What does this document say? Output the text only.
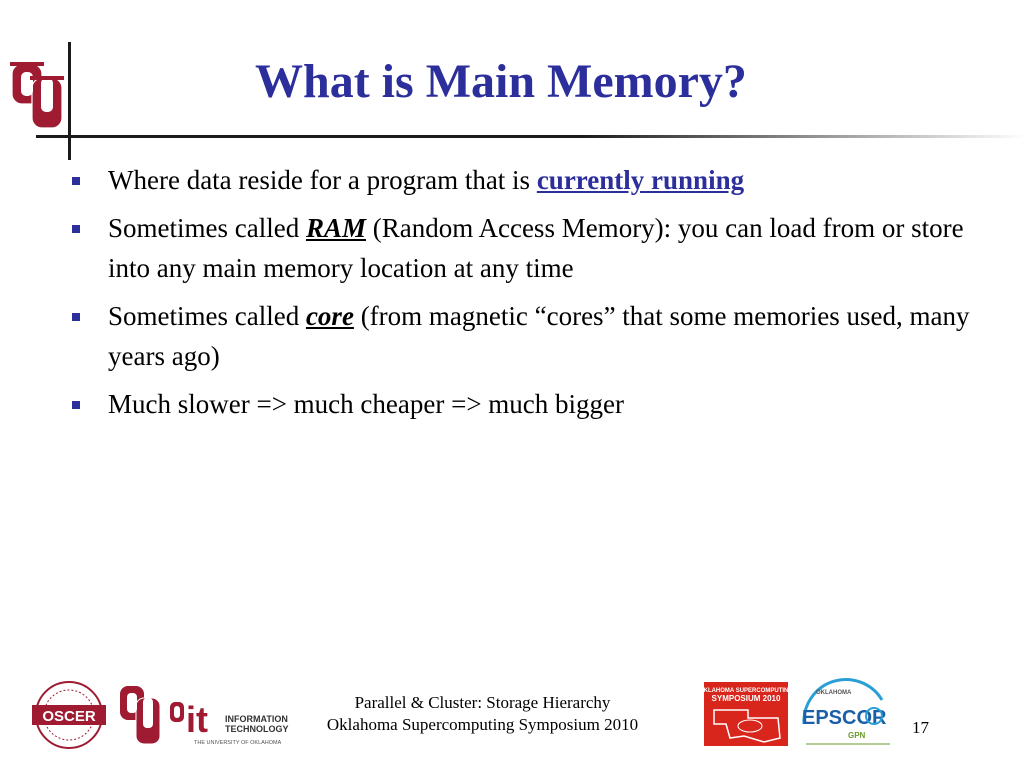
What is Main Memory?
Where data reside for a program that is currently running
Sometimes called RAM (Random Access Memory): you can load from or store into any main memory location at any time
Sometimes called core (from magnetic “cores” that some memories used, many years ago)
Much slower => much cheaper => much bigger
OSCER	it INFORMATION
TECHNOLOGY
THE UNIVERSITY OF OKLAHOMA
Parallel & Cluster: Storage Hierarchy
Oklahoma Supercomputing Symposium 2010
OKLAHOMA SUPERCOMPUTING
SYMPOSIUM 2010
OKLAHOMA
EPSCOR
GPN	17
